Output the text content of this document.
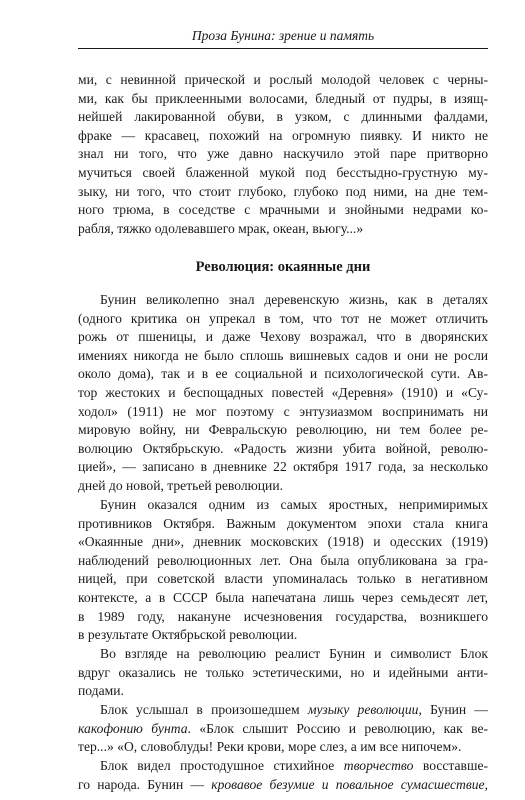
Проза Бунина: зрение и память
ми, с невинной прической и рослый молодой человек с черны-
ми, как бы приклеенными волосами, бледный от пудры, в изящ-
нейшей лакированной обуви, в узком, с длинными фалдами,
фраке — красавец, похожий на огромную пиявку. И никто не
знал ни того, что уже давно наскучило этой паре притворно
мучиться своей блаженной мукой под бесстыдно-грустную му-
зыку, ни того, что стоит глубоко, глубоко под ними, на дне тем-
ного трюма, в соседстве с мрачными и знойными недрами ко-
рабля, тяжко одолевавшего мрак, океан, вьюгу...»
Революция: окаянные дни
Бунин великолепно знал деревенскую жизнь, как в деталях
(одного критика он упрекал в том, что тот не может отличить
рожь от пшеницы, и даже Чехову возражал, что в дворянских
имениях никогда не было сплошь вишневых садов и они не росли
около дома), так и в ее социальной и психологической сути. Ав-
тор жестоких и беспощадных повестей «Деревня» (1910) и «Су-
ходол» (1911) не мог поэтому с энтузиазмом воспринимать ни
мировую войну, ни Февральскую революцию, ни тем более ре-
волюцию Октябрьскую. «Радость жизни убита войной, револю-
цией», — записано в дневнике 22 октября 1917 года, за несколько
дней до новой, третьей революции.
Бунин оказался одним из самых яростных, непримиримых
противников Октября. Важным документом эпохи стала книга
«Окаянные дни», дневник московских (1918) и одесских (1919)
наблюдений революционных лет. Она была опубликована за гра-
ницей, при советской власти упоминалась только в негативном
контексте, а в СССР была напечатана лишь через семьдесят лет,
в 1989 году, накануне исчезновения государства, возникшего
в результате Октябрьской революции.
Во взгляде на революцию реалист Бунин и символист Блок
вдруг оказались не только эстетическими, но и идейными анти-
подами.
Блок услышал в произошедшем музыку революции, Бунин —
какофонию бунта. «Блок слышит Россию и революцию, как ве-
тер...» «О, словоблуды! Реки крови, море слез, а им все нипочем».
Блок видел простодушное стихийное творчество восставше-
го народа. Бунин — кровавое безумие и повальное сумасшествие,
